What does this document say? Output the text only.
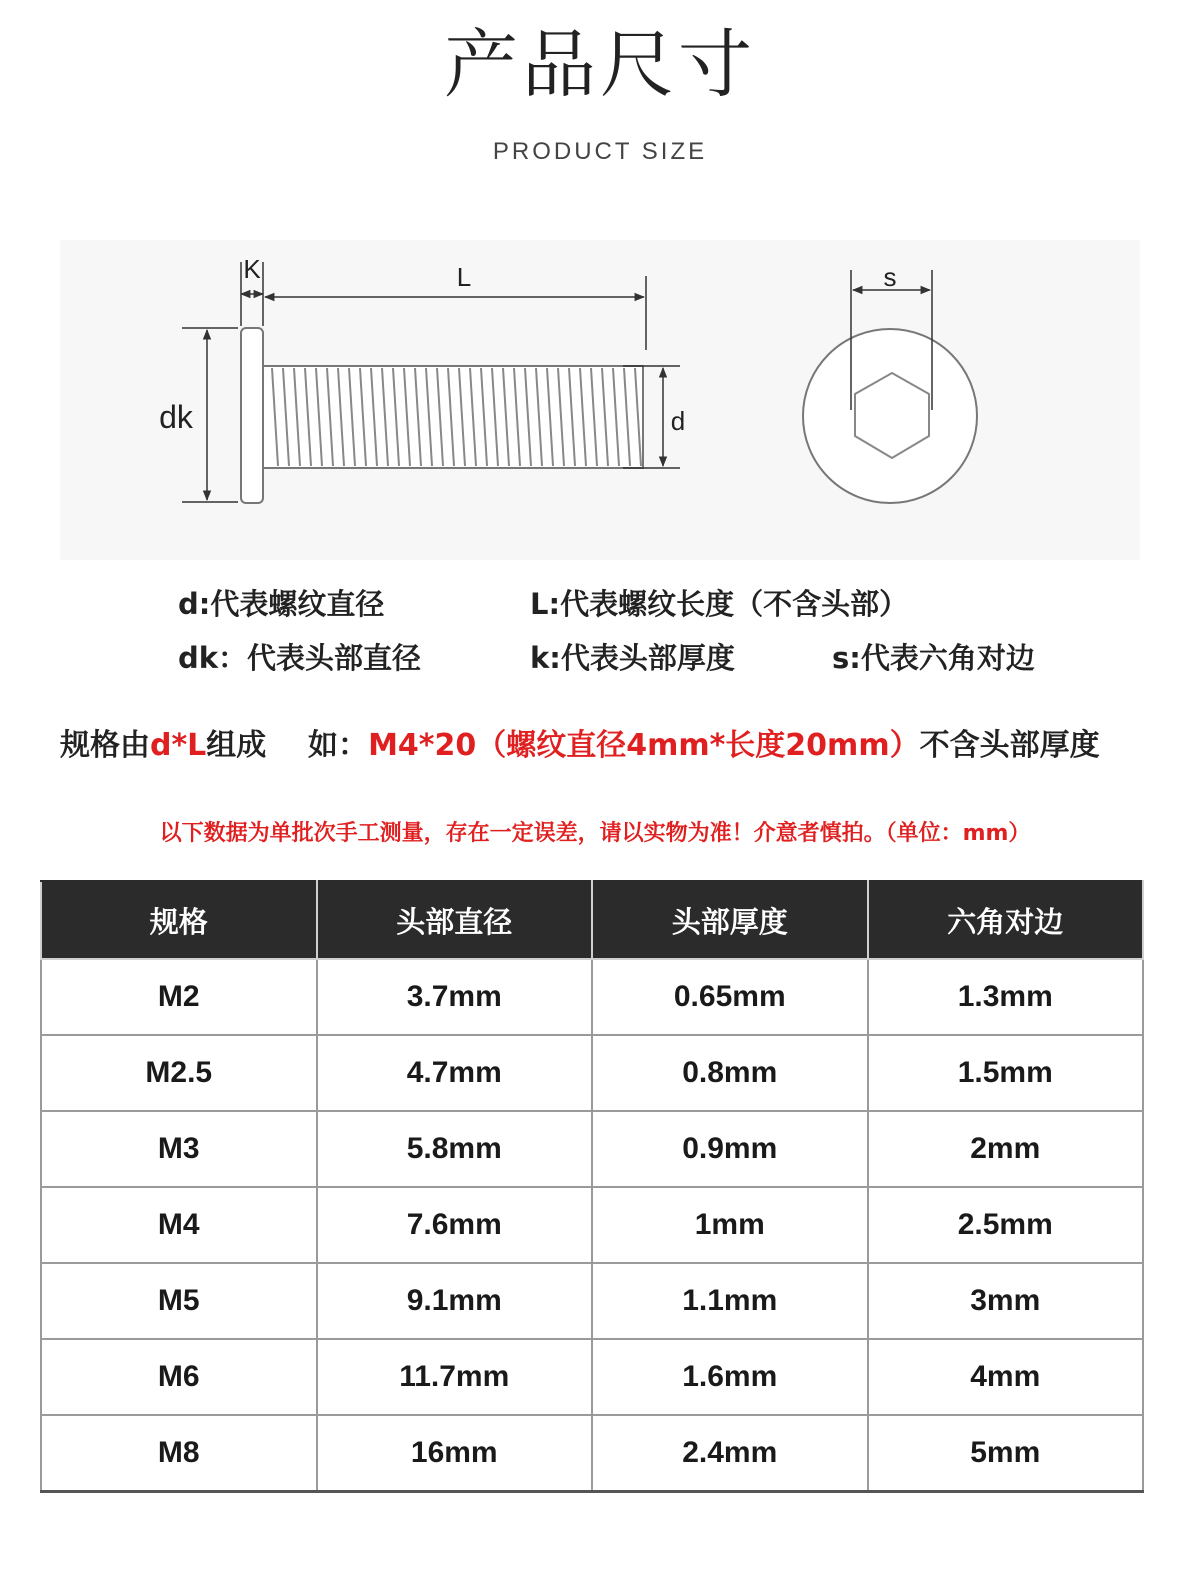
产品尺寸
PRODUCT SIZE
K	L
dk	d
s
d:代表螺纹直径	L:代表螺纹长度（不含头部）
dk：代表头部直径	k:代表头部厚度	s:代表六角对边
规格由d*L组成    如：M4*20（螺纹直径4mm*长度20mm）不含头部厚度
以下数据为单批次手工测量，存在一定误差，请以实物为准！介意者慎拍。（单位：mm）
规格	头部直径	头部厚度	六角对边
M2	3.7mm	0.65mm	1.3mm
M2.5	4.7mm	0.8mm	1.5mm
M3	5.8mm	0.9mm	2mm
M4	7.6mm	1mm	2.5mm
M5	9.1mm	1.1mm	3mm
M6	11.7mm	1.6mm	4mm
M8	16mm	2.4mm	5mm
